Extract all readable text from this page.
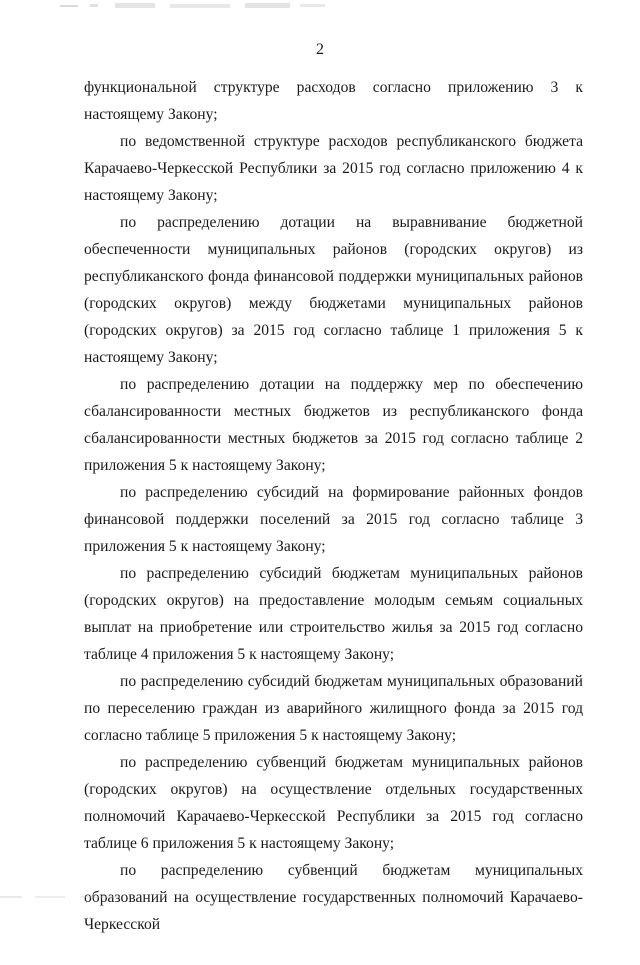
2

функциональной структуре расходов согласно приложению 3 к настоящему Закону;

по ведомственной структуре расходов республиканского бюджета Карачаево-Черкесской Республики за 2015 год согласно приложению 4 к настоящему Закону;

по распределению дотации на выравнивание бюджетной обеспеченности муниципальных районов (городских округов) из республиканского фонда финансовой поддержки муниципальных районов (городских округов) между бюджетами муниципальных районов (городских округов) за 2015 год согласно таблице 1 приложения 5 к настоящему Закону;

по распределению дотации на поддержку мер по обеспечению сбалансированности местных бюджетов из республиканского фонда сбалансированности местных бюджетов за 2015 год согласно таблице 2 приложения 5 к настоящему Закону;

по распределению субсидий на формирование районных фондов финансовой поддержки поселений за 2015 год согласно таблице 3 приложения 5 к настоящему Закону;

по распределению субсидий бюджетам муниципальных районов (городских округов) на предоставление молодым семьям социальных выплат на приобретение или строительство жилья за 2015 год согласно таблице 4 приложения 5 к настоящему Закону;

по распределению субсидий бюджетам муниципальных образований по переселению граждан из аварийного жилищного фонда за 2015 год согласно таблице 5 приложения 5 к настоящему Закону;

по распределению субвенций бюджетам муниципальных районов (городских округов) на осуществление отдельных государственных полномочий Карачаево-Черкесской Республики за 2015 год согласно таблице 6 приложения 5 к настоящему Закону;

по распределению субвенций бюджетам муниципальных образований на осуществление государственных полномочий Карачаево-Черкесской
